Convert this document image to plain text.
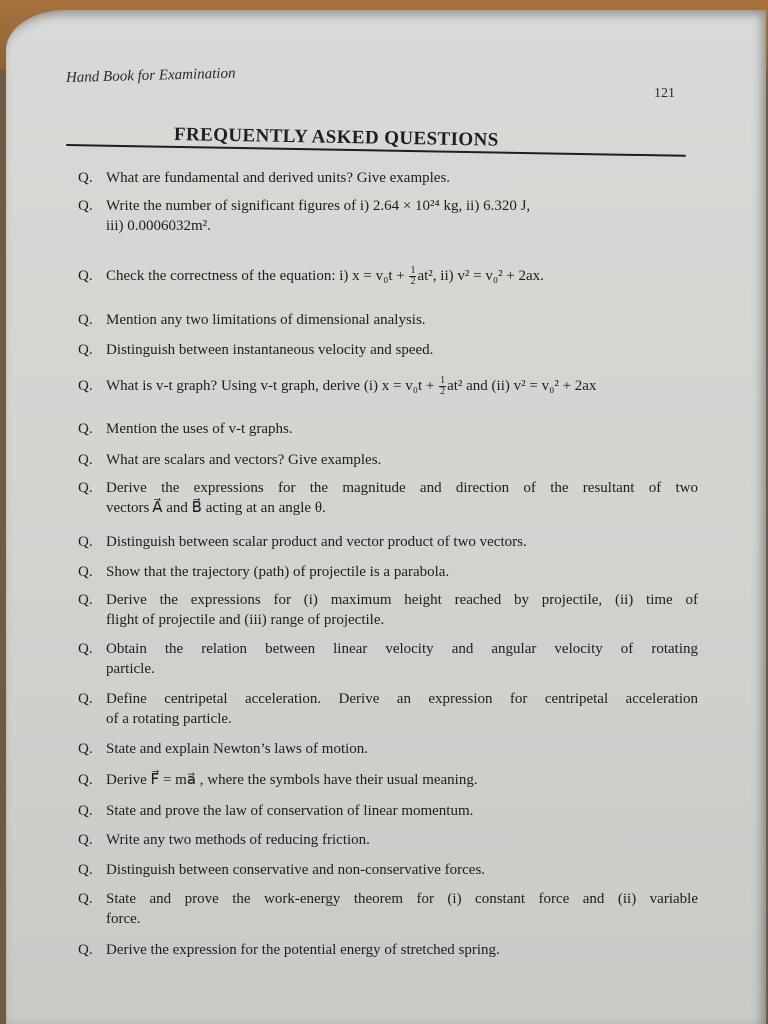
Hand Book for Examination
121
FREQUENTLY ASKED QUESTIONS
Q. What are fundamental and derived units? Give examples.
Q. Write the number of significant figures of i) 2.64 × 10²⁴ kg, ii) 6.320 J,
iii) 0.0006032m².
Q. Check the correctness of the equation: i) $x = v_0t + \frac{1}{2} at^2$, ii) v² = v₀² + 2ax.
Q. Mention any two limitations of dimensional analysis.
Q. Distinguish between instantaneous velocity and speed.
Q. What is v-t graph? Using v-t graph, derive (i) $x = v_0t + \frac{1}{2} at^2$ and (ii) v² = v₀² + 2ax
Q. Mention the uses of v-t graphs.
Q. What are scalars and vectors? Give examples.
Q. Derive the expressions for the magnitude and direction of the resultant of two
vectors A⃗ and B⃗ acting at an angle θ.
Q. Distinguish between scalar product and vector product of two vectors.
Q. Show that the trajectory (path) of projectile is a parabola.
Q. Derive the expressions for (i) maximum height reached by projectile, (ii) time of
flight of projectile and (iii) range of projectile.
Q. Obtain the relation between linear velocity and angular velocity of rotating
particle.
Q. Define centripetal acceleration. Derive an expression for centripetal acceleration
of a rotating particle.
Q. State and explain Newton’s laws of motion.
Q. Derive F⃗ = ma⃗ , where the symbols have their usual meaning.
Q. State and prove the law of conservation of linear momentum.
Q. Write any two methods of reducing friction.
Q. Distinguish between conservative and non-conservative forces.
Q. State and prove the work-energy theorem for (i) constant force and (ii) variable
force.
Q. Derive the expression for the potential energy of stretched spring.
